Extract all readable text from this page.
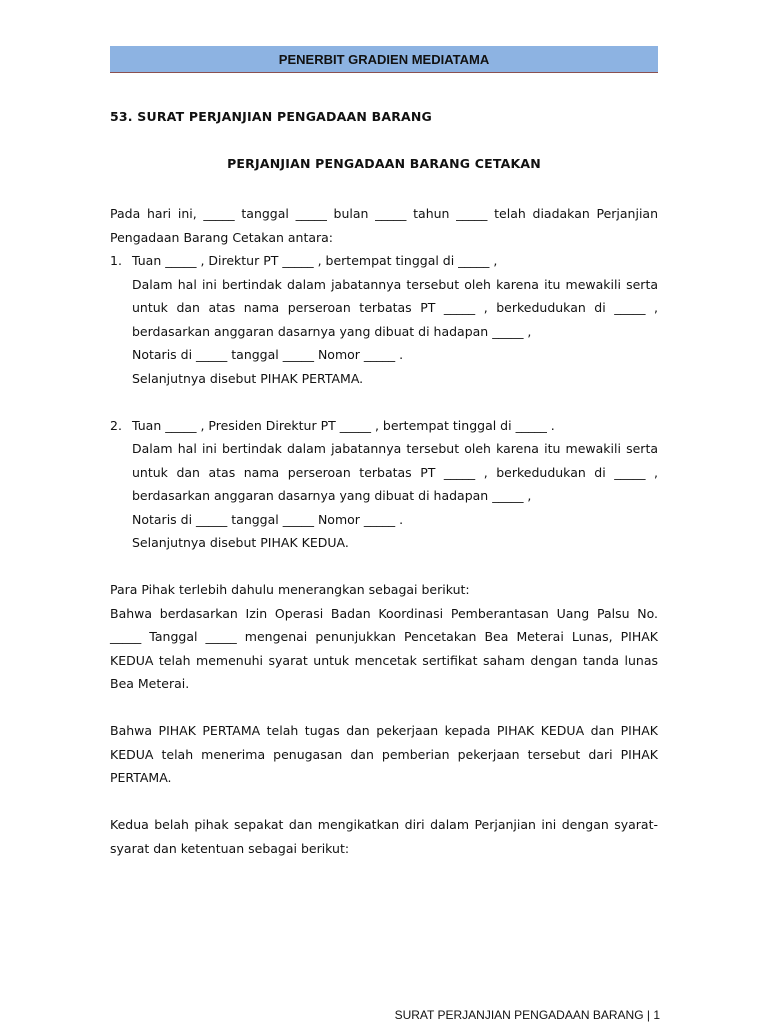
PENERBIT GRADIEN MEDIATAMA
53. SURAT PERJANJIAN PENGADAAN BARANG
PERJANJIAN PENGADAAN BARANG CETAKAN

Pada hari ini, _____ tanggal _____ bulan _____ tahun _____ telah diadakan Perjanjian Pengadaan Barang Cetakan antara:

1. Tuan _____ , Direktur PT _____ , bertempat tinggal di _____ ,

Dalam hal ini bertindak dalam jabatannya tersebut oleh karena itu mewakili serta untuk dan atas nama perseroan terbatas PT _____ , berkedudukan di _____ , berdasarkan anggaran dasarnya yang dibuat di hadapan _____ ,

Notaris di _____ tanggal _____ Nomor _____ .

Selanjutnya disebut PIHAK PERTAMA.

2. Tuan _____ , Presiden Direktur PT _____ , bertempat tinggal di _____ .

Dalam hal ini bertindak dalam jabatannya tersebut oleh karena itu mewakili serta untuk dan atas nama perseroan terbatas PT _____ , berkedudukan di _____ , berdasarkan anggaran dasarnya yang dibuat di hadapan _____ ,

Notaris di _____ tanggal _____ Nomor _____ .

Selanjutnya disebut PIHAK KEDUA.

Para Pihak terlebih dahulu menerangkan sebagai berikut:

Bahwa berdasarkan Izin Operasi Badan Koordinasi Pemberantasan Uang Palsu No. _____ Tanggal _____ mengenai penunjukkan Pencetakan Bea Meterai Lunas, PIHAK KEDUA telah memenuhi syarat untuk mencetak sertifikat saham dengan tanda lunas Bea Meterai.

Bahwa PIHAK PERTAMA telah tugas dan pekerjaan kepada PIHAK KEDUA dan PIHAK KEDUA telah menerima penugasan dan pemberian pekerjaan tersebut dari PIHAK PERTAMA.

Kedua belah pihak sepakat dan mengikatkan diri dalam Perjanjian ini dengan syarat-syarat dan ketentuan sebagai berikut:

SURAT PERJANJIAN PENGADAAN BARANG | 1
